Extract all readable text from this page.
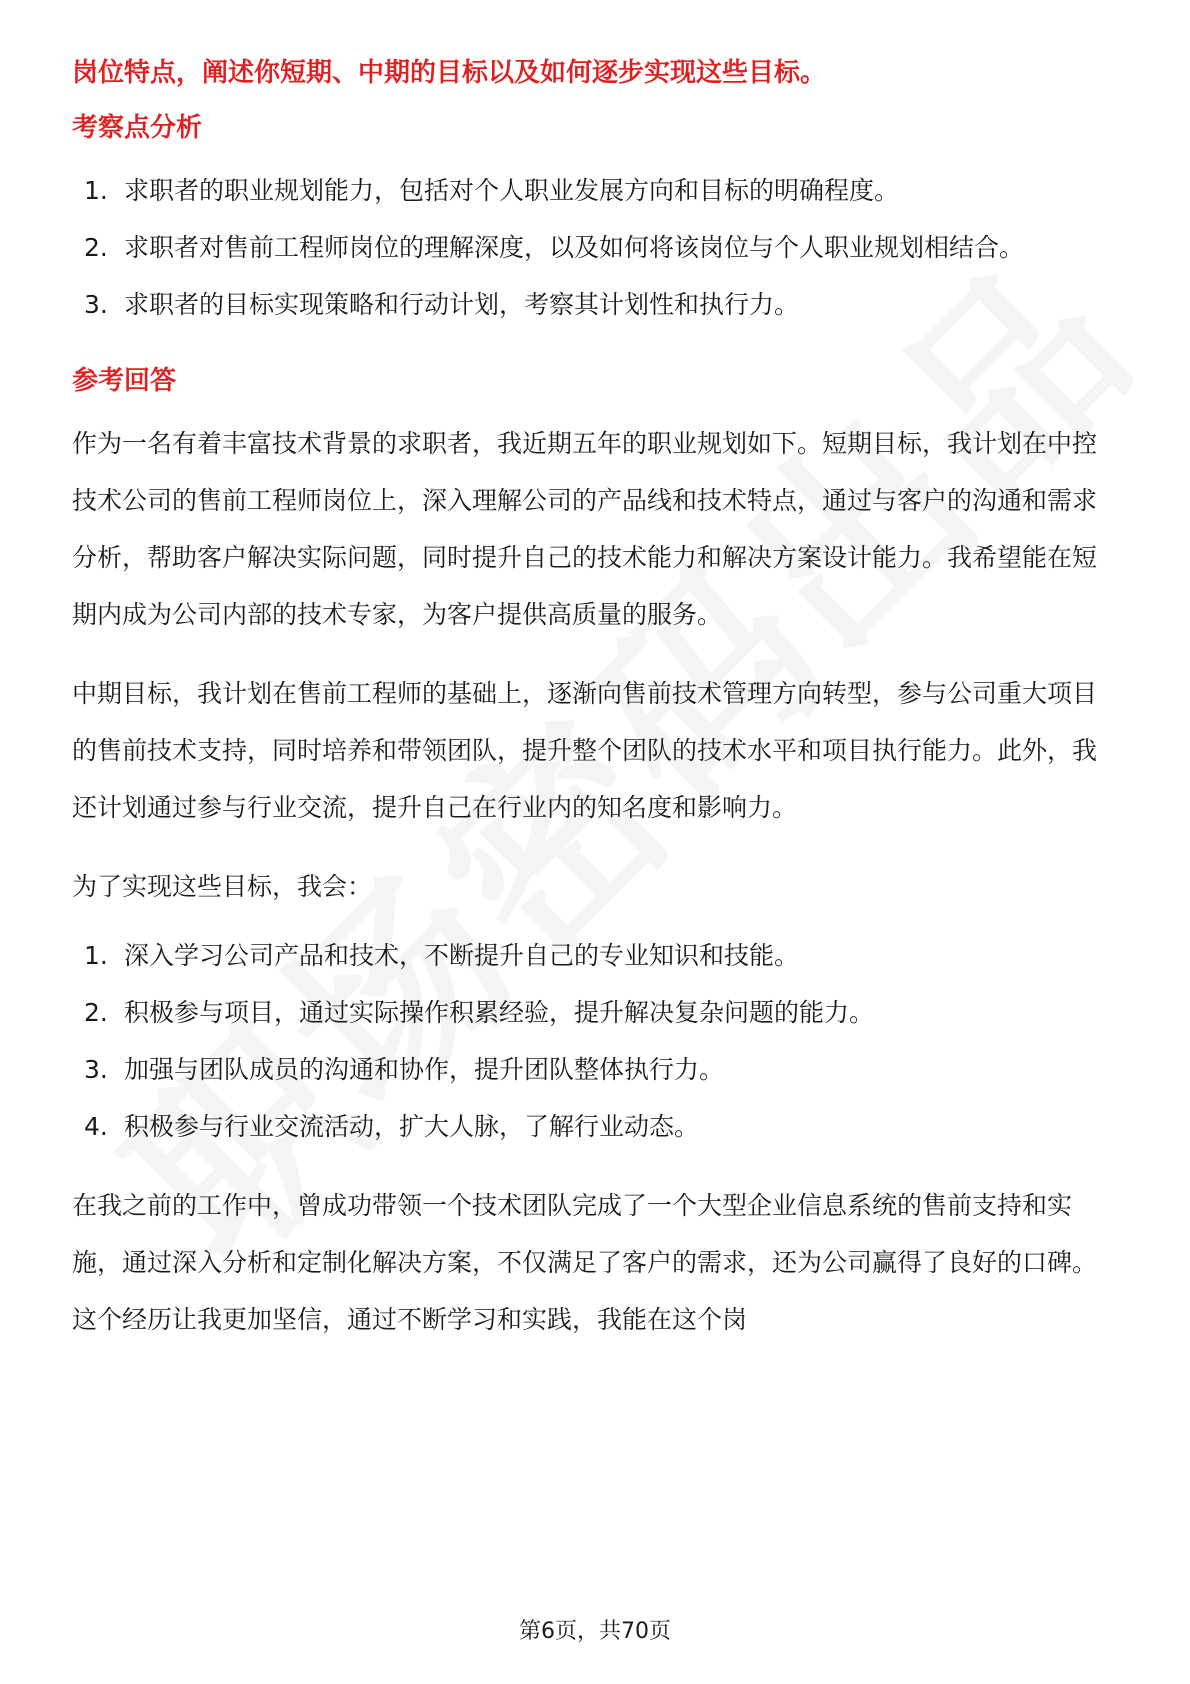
岗位特点，阐述你短期、中期的目标以及如何逐步实现这些目标。
考察点分析
1. 求职者的职业规划能力，包括对个人职业发展方向和目标的明确程度。
2. 求职者对售前工程师岗位的理解深度，以及如何将该岗位与个人职业规划相结合。
3. 求职者的目标实现策略和行动计划，考察其计划性和执行力。
参考回答

作为一名有着丰富技术背景的求职者，我近期五年的职业规划如下。短期目标，我计划在中控技术公司的售前工程师岗位上，深入理解公司的产品线和技术特点，通过与客户的沟通和需求分析，帮助客户解决实际问题，同时提升自己的技术能力和解决方案设计能力。我希望能在短期内成为公司内部的技术专家，为客户提供高质量的服务。

中期目标，我计划在售前工程师的基础上，逐渐向售前技术管理方向转型，参与公司重大项目的售前技术支持，同时培养和带领团队，提升整个团队的技术水平和项目执行能力。此外，我还计划通过参与行业交流，提升自己在行业内的知名度和影响力。

为了实现这些目标，我会：

1. 深入学习公司产品和技术，不断提升自己的专业知识和技能。
2. 积极参与项目，通过实际操作积累经验，提升解决复杂问题的能力。
3. 加强与团队成员的沟通和协作，提升团队整体执行力。
4. 积极参与行业交流活动，扩大人脉，了解行业动态。

在我之前的工作中，曾成功带领一个技术团队完成了一个大型企业信息系统的售前支持和实施，通过深入分析和定制化解决方案，不仅满足了客户的需求，还为公司赢得了良好的口碑。这个经历让我更加坚信，通过不断学习和实践，我能在这个岗

第6页，共70页
